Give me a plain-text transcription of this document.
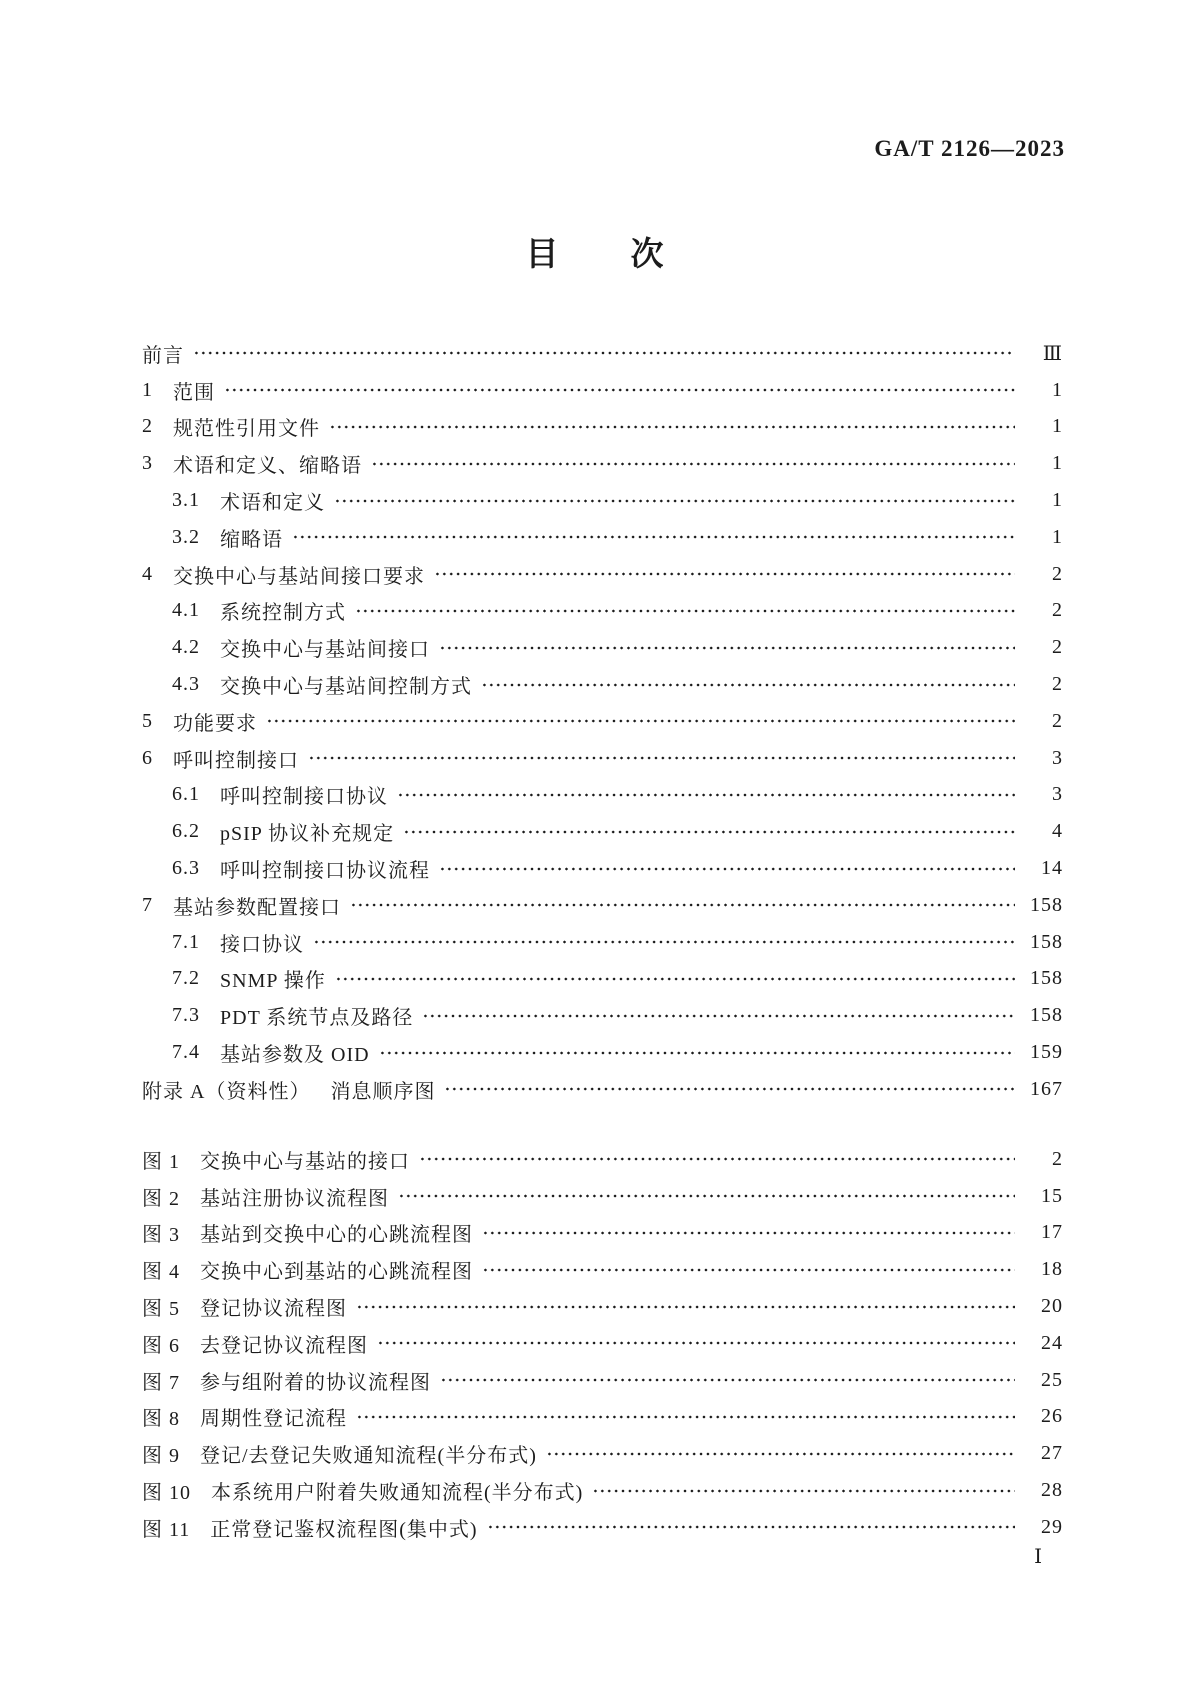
GA/T 2126—2023
目　　次
前言	Ⅲ
1 范围	1
2 规范性引用文件	1
3 术语和定义、缩略语	1
3.1 术语和定义	1
3.2 缩略语	1
4 交换中心与基站间接口要求	2
4.1 系统控制方式	2
4.2 交换中心与基站间接口	2
4.3 交换中心与基站间控制方式	2
5 功能要求	2
6 呼叫控制接口	3
6.1 呼叫控制接口协议	3
6.2 pSIP 协议补充规定	4
6.3 呼叫控制接口协议流程	14
7 基站参数配置接口	158
7.1 接口协议	158
7.2 SNMP 操作	158
7.3 PDT 系统节点及路径	158
7.4 基站参数及 OID	159
附录 A（资料性） 消息顺序图	167
图 1 交换中心与基站的接口	2
图 2 基站注册协议流程图	15
图 3 基站到交换中心的心跳流程图	17
图 4 交换中心到基站的心跳流程图	18
图 5 登记协议流程图	20
图 6 去登记协议流程图	24
图 7 参与组附着的协议流程图	25
图 8 周期性登记流程	26
图 9 登记/去登记失败通知流程(半分布式)	27
图 10 本系统用户附着失败通知流程(半分布式)	28
图 11 正常登记鉴权流程图(集中式)	29
Ⅰ
